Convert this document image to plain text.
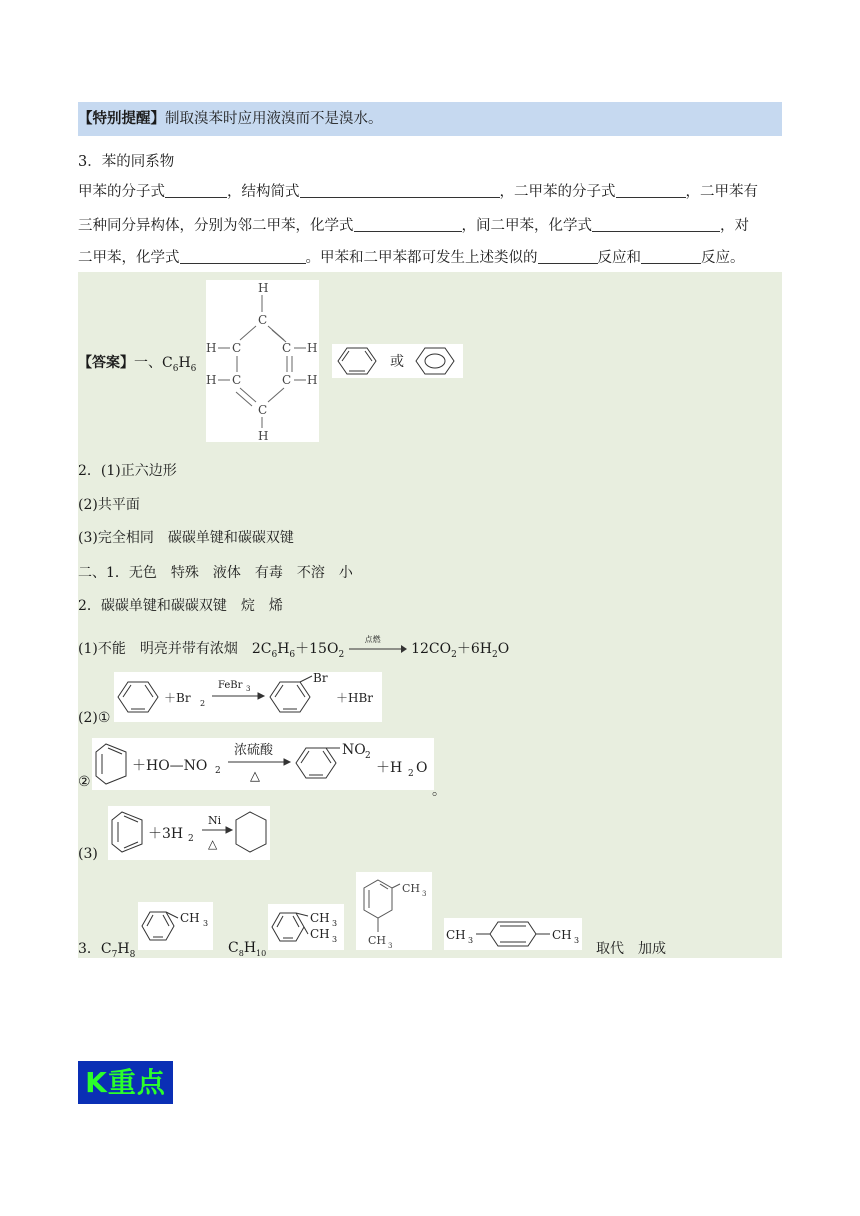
【特别提醒】制取溴苯时应用液溴而不是溴水。
3．苯的同系物
甲苯的分子式	，结构简式	，二甲苯的分子式	，二甲苯有
三种同分异构体，分别为邻二甲苯，化学式	，间二甲苯，化学式	，对
二甲苯，化学式	。甲苯和二甲苯都可发生上述类似的	反应和	反应。
【答案】一、$C_6H_6$
H
C
H C	C H
H C	C H
C
H
或
2．(1)正六边形
(2)共平面
(3)完全相同　碳碳单键和碳碳双键
二、1．无色　特殊　液体　有毒　不溶　小
2．碳碳单键和碳碳双键　烷　烯
(1)不能　明亮并带有浓烟　$2C_6H_6+15O_2$
点燃
$12CO_2+6H_2O$
(2)①
＋Br 2
FeBr 3
Br
＋HBr
②
＋HO—NO 2
浓硫酸
△
NO 2
＋H 2 O
。
(3)
＋3H 2
Ni
△
3．$C_7H_8$
CH 3
$C_8H_{10}$
CH 3
CH 3
CH 3
CH 3
CH 3	CH 3
取代　加成
K重点
